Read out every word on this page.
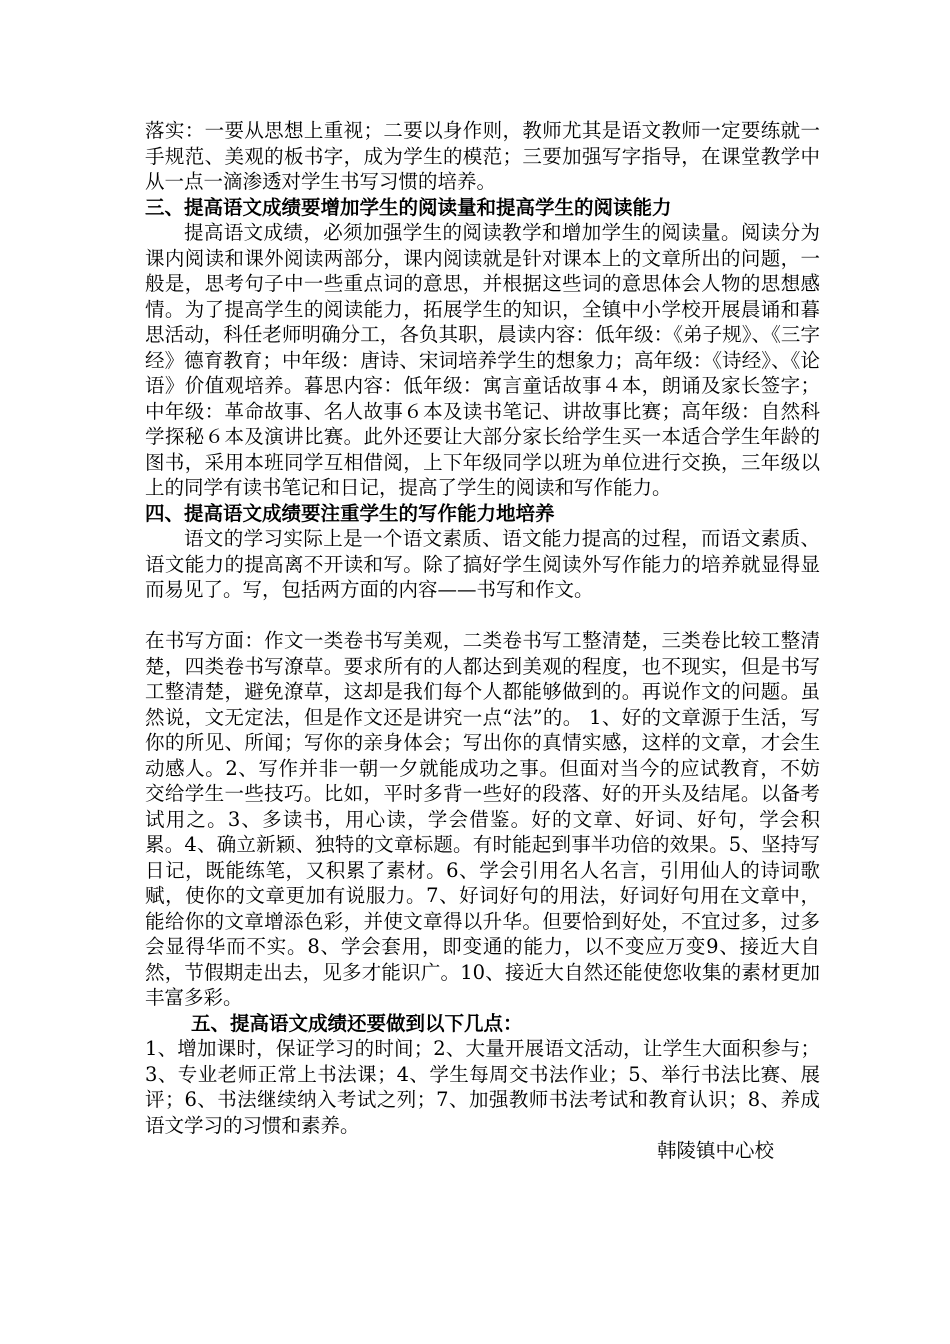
落实：一要从思想上重视；二要以身作则，教师尤其是语文教师一定要练就一手规范、美观的板书字，成为学生的模范；三要加强写字指导，在课堂教学中从一点一滴渗透对学生书写习惯的培养。

三、提高语文成绩要增加学生的阅读量和提高学生的阅读能力

提高语文成绩，必须加强学生的阅读教学和增加学生的阅读量。阅读分为课内阅读和课外阅读两部分，课内阅读就是针对课本上的文章所出的问题，一般是，思考句子中一些重点词的意思，并根据这些词的意思体会人物的思想感情。为了提高学生的阅读能力，拓展学生的知识，全镇中小学校开展晨诵和暮思活动，科任老师明确分工，各负其职，晨读内容：低年级：《弟子规》、《三字经》德育教育；中年级：唐诗、宋词培养学生的想象力；高年级：《诗经》、《论语》价值观培养。暮思内容：低年级：寓言童话故事４本，朗诵及家长签字；中年级：革命故事、名人故事６本及读书笔记、讲故事比赛；高年级：自然科学探秘６本及演讲比赛。此外还要让大部分家长给学生买一本适合学生年龄的图书，采用本班同学互相借阅，上下年级同学以班为单位进行交换，三年级以上的同学有读书笔记和日记，提高了学生的阅读和写作能力。

四、提高语文成绩要注重学生的写作能力地培养

语文的学习实际上是一个语文素质、语文能力提高的过程，而语文素质、语文能力的提高离不开读和写。除了搞好学生阅读外写作能力的培养就显得显而易见了。写，包括两方面的内容——书写和作文。

在书写方面：作文一类卷书写美观，二类卷书写工整清楚，三类卷比较工整清楚，四类卷书写潦草。要求所有的人都达到美观的程度，也不现实，但是书写工整清楚，避免潦草，这却是我们每个人都能够做到的。再说作文的问题。虽然说，文无定法，但是作文还是讲究一点“法”的。 1、好的文章源于生活，写你的所见、所闻；写你的亲身体会；写出你的真情实感，这样的文章，才会生动感人。2、写作并非一朝一夕就能成功之事。但面对当今的应试教育，不妨交给学生一些技巧。比如，平时多背一些好的段落、好的开头及结尾。以备考试用之。3、多读书，用心读，学会借鉴。好的文章、好词、好句，学会积累。4、确立新颖、独特的文章标题。有时能起到事半功倍的效果。5、坚持写日记，既能练笔，又积累了素材。6、学会引用名人名言，引用仙人的诗词歌赋，使你的文章更加有说服力。7、好词好句的用法，好词好句用在文章中，能给你的文章增添色彩，并使文章得以升华。但要恰到好处，不宜过多，过多会显得华而不实。8、学会套用，即变通的能力，以不变应万变9、接近大自然，节假期走出去，见多才能识广。10、接近大自然还能使您收集的素材更加丰富多彩。

五、提高语文成绩还要做到以下几点：

1、增加课时，保证学习的时间；2、大量开展语文活动，让学生大面积参与；3、专业老师正常上书法课；4、学生每周交书法作业；5、举行书法比赛、展评；6、书法继续纳入考试之列；7、加强教师书法考试和教育认识；8、养成语文学习的习惯和素养。

韩陵镇中心校
